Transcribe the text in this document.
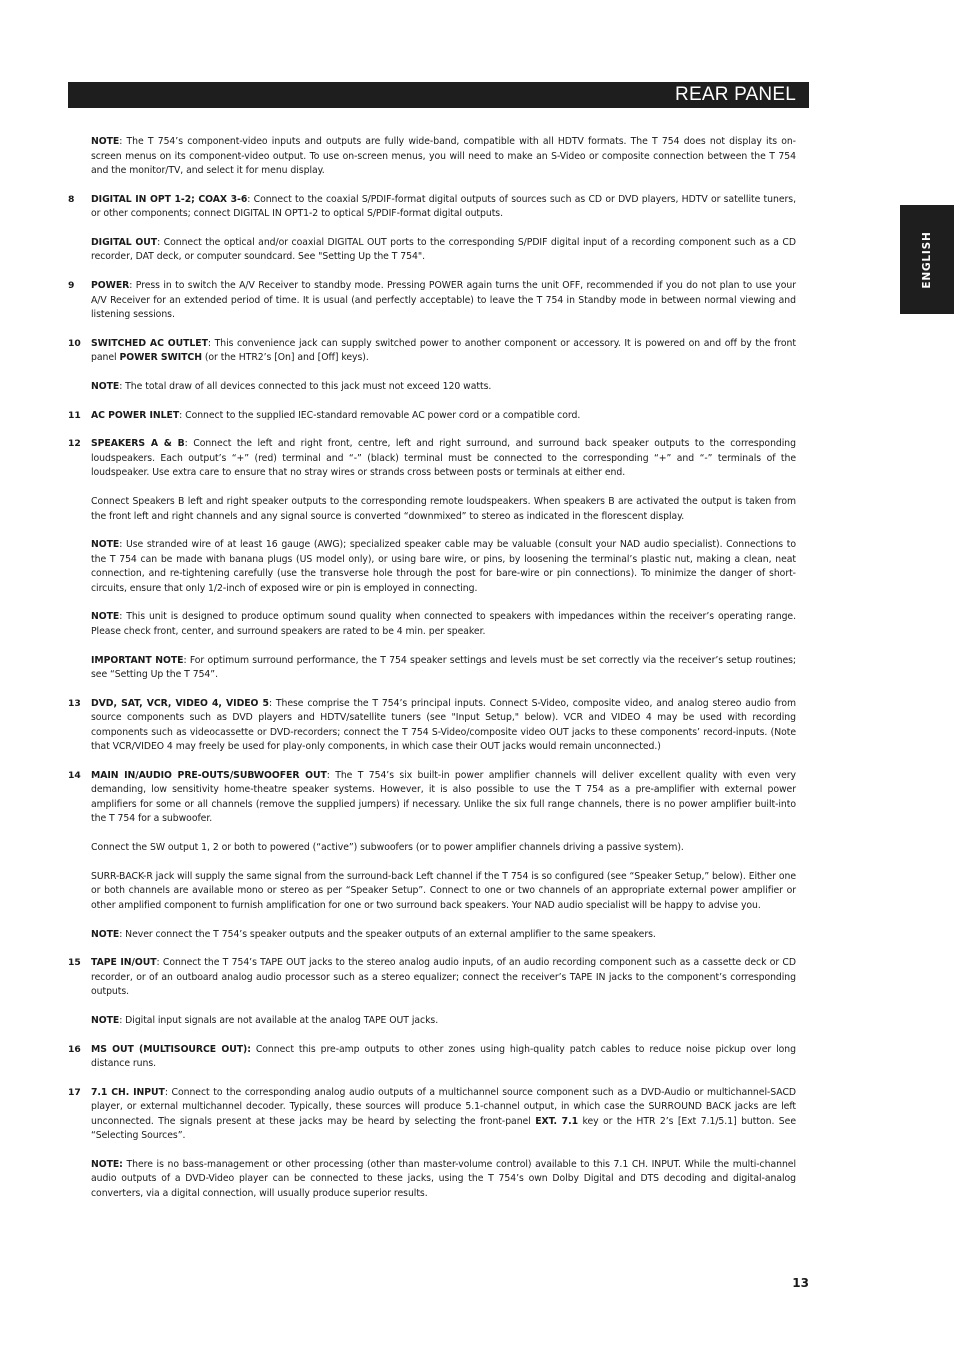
REAR PANEL
ENGLISH

NOTE: The T 754’s component-video inputs and outputs are fully wide-band, compatible with all HDTV formats. The T 754 does not display its on-screen menus on its component-video output. To use on-screen menus, you will need to make an S-Video or composite connection between the T 754 and the monitor/TV, and select it for menu display.

8	DIGITAL IN OPT 1-2; COAX 3-6: Connect to the coaxial S/PDIF-format digital outputs of sources such as CD or DVD players, HDTV or satellite tuners, or other components; connect DIGITAL IN OPT1-2 to optical S/PDIF-format digital outputs.

DIGITAL OUT: Connect the optical and/or coaxial DIGITAL OUT ports to the corresponding S/PDIF digital input of a recording component such as a CD recorder, DAT deck, or computer soundcard. See "Setting Up the T 754".

9	POWER: Press in to switch the A/V Receiver to standby mode. Pressing POWER again turns the unit OFF, recommended if you do not plan to use your A/V Receiver for an extended period of time. It is usual (and perfectly acceptable) to leave the T 754 in Standby mode in between normal viewing and listening sessions.

10	SWITCHED AC OUTLET: This convenience jack can supply switched power to another component or accessory. It is powered on and off by the front panel POWER SWITCH (or the HTR2’s [On] and [Off] keys).

NOTE: The total draw of all devices connected to this jack must not exceed 120 watts.

11	AC POWER INLET: Connect to the supplied IEC-standard removable AC power cord or a compatible cord.

12	SPEAKERS A & B: Connect the left and right front, centre, left and right surround, and surround back speaker outputs to the corresponding loudspeakers. Each output’s “+” (red) terminal and “-” (black) terminal must be connected to the corresponding “+” and “-” terminals of the loudspeaker. Use extra care to ensure that no stray wires or strands cross between posts or terminals at either end.

Connect Speakers B left and right speaker outputs to the corresponding remote loudspeakers. When speakers B are activated the output is taken from the front left and right channels and any signal source is converted “downmixed” to stereo as indicated in the florescent display.

NOTE: Use stranded wire of at least 16 gauge (AWG); specialized speaker cable may be valuable (consult your NAD audio specialist). Connections to the T 754 can be made with banana plugs (US model only), or using bare wire, or pins, by loosening the terminal’s plastic nut, making a clean, neat connection, and re-tightening carefully (use the transverse hole through the post for bare-wire or pin connections). To minimize the danger of short-circuits, ensure that only 1/2-inch of exposed wire or pin is employed in connecting.

NOTE: This unit is designed to produce optimum sound quality when connected to speakers with impedances within the receiver’s operating range. Please check front, center, and surround speakers are rated to be 4 min. per speaker.

IMPORTANT NOTE: For optimum surround performance, the T 754 speaker settings and levels must be set correctly via the receiver’s setup routines; see “Setting Up the T 754”.

13	DVD, SAT, VCR, VIDEO 4, VIDEO 5: These comprise the T 754’s principal inputs. Connect S-Video, composite video, and analog stereo audio from source components such as DVD players and HDTV/satellite tuners (see "Input Setup," below). VCR and VIDEO 4 may be used with recording components such as videocassette or DVD-recorders; connect the T 754 S-Video/composite video OUT jacks to these components’ record-inputs. (Note that VCR/VIDEO 4 may freely be used for play-only components, in which case their OUT jacks would remain unconnected.)

14	MAIN IN/AUDIO PRE-OUTS/SUBWOOFER OUT: The T 754’s six built-in power amplifier channels will deliver excellent quality with even very demanding, low sensitivity home-theatre speaker systems. However, it is also possible to use the T 754 as a pre-amplifier with external power amplifiers for some or all channels (remove the supplied jumpers) if necessary. Unlike the six full range channels, there is no power amplifier built-into the T 754 for a subwoofer.

Connect the SW output 1, 2 or both to powered (“active”) subwoofers (or to power amplifier channels driving a passive system).

SURR-BACK-R jack will supply the same signal from the surround-back Left channel if the T 754 is so configured (see “Speaker Setup,” below). Either one or both channels are available mono or stereo as per “Speaker Setup”. Connect to one or two channels of an appropriate external power amplifier or other amplified component to furnish amplification for one or two surround back speakers. Your NAD audio specialist will be happy to advise you.

NOTE: Never connect the T 754’s speaker outputs and the speaker outputs of an external amplifier to the same speakers.

15	TAPE IN/OUT: Connect the T 754’s TAPE OUT jacks to the stereo analog audio inputs, of an audio recording component such as a cassette deck or CD recorder, or of an outboard analog audio processor such as a stereo equalizer; connect the receiver’s TAPE IN jacks to the component’s corresponding outputs.

NOTE: Digital input signals are not available at the analog TAPE OUT jacks.

16	MS OUT (MULTISOURCE OUT): Connect this pre-amp outputs to other zones using high-quality patch cables to reduce noise pickup over long distance runs.

17	7.1 CH. INPUT: Connect to the corresponding analog audio outputs of a multichannel source component such as a DVD-Audio or multichannel-SACD player, or external multichannel decoder. Typically, these sources will produce 5.1-channel output, in which case the SURROUND BACK jacks are left unconnected. The signals present at these jacks may be heard by selecting the front-panel EXT. 7.1 key or the HTR 2’s [Ext 7.1/5.1] button. See “Selecting Sources”.

NOTE: There is no bass-management or other processing (other than master-volume control) available to this 7.1 CH. INPUT. While the multi-channel audio outputs of a DVD-Video player can be connected to these jacks, using the T 754’s own Dolby Digital and DTS decoding and digital-analog converters, via a digital connection, will usually produce superior results.

13
